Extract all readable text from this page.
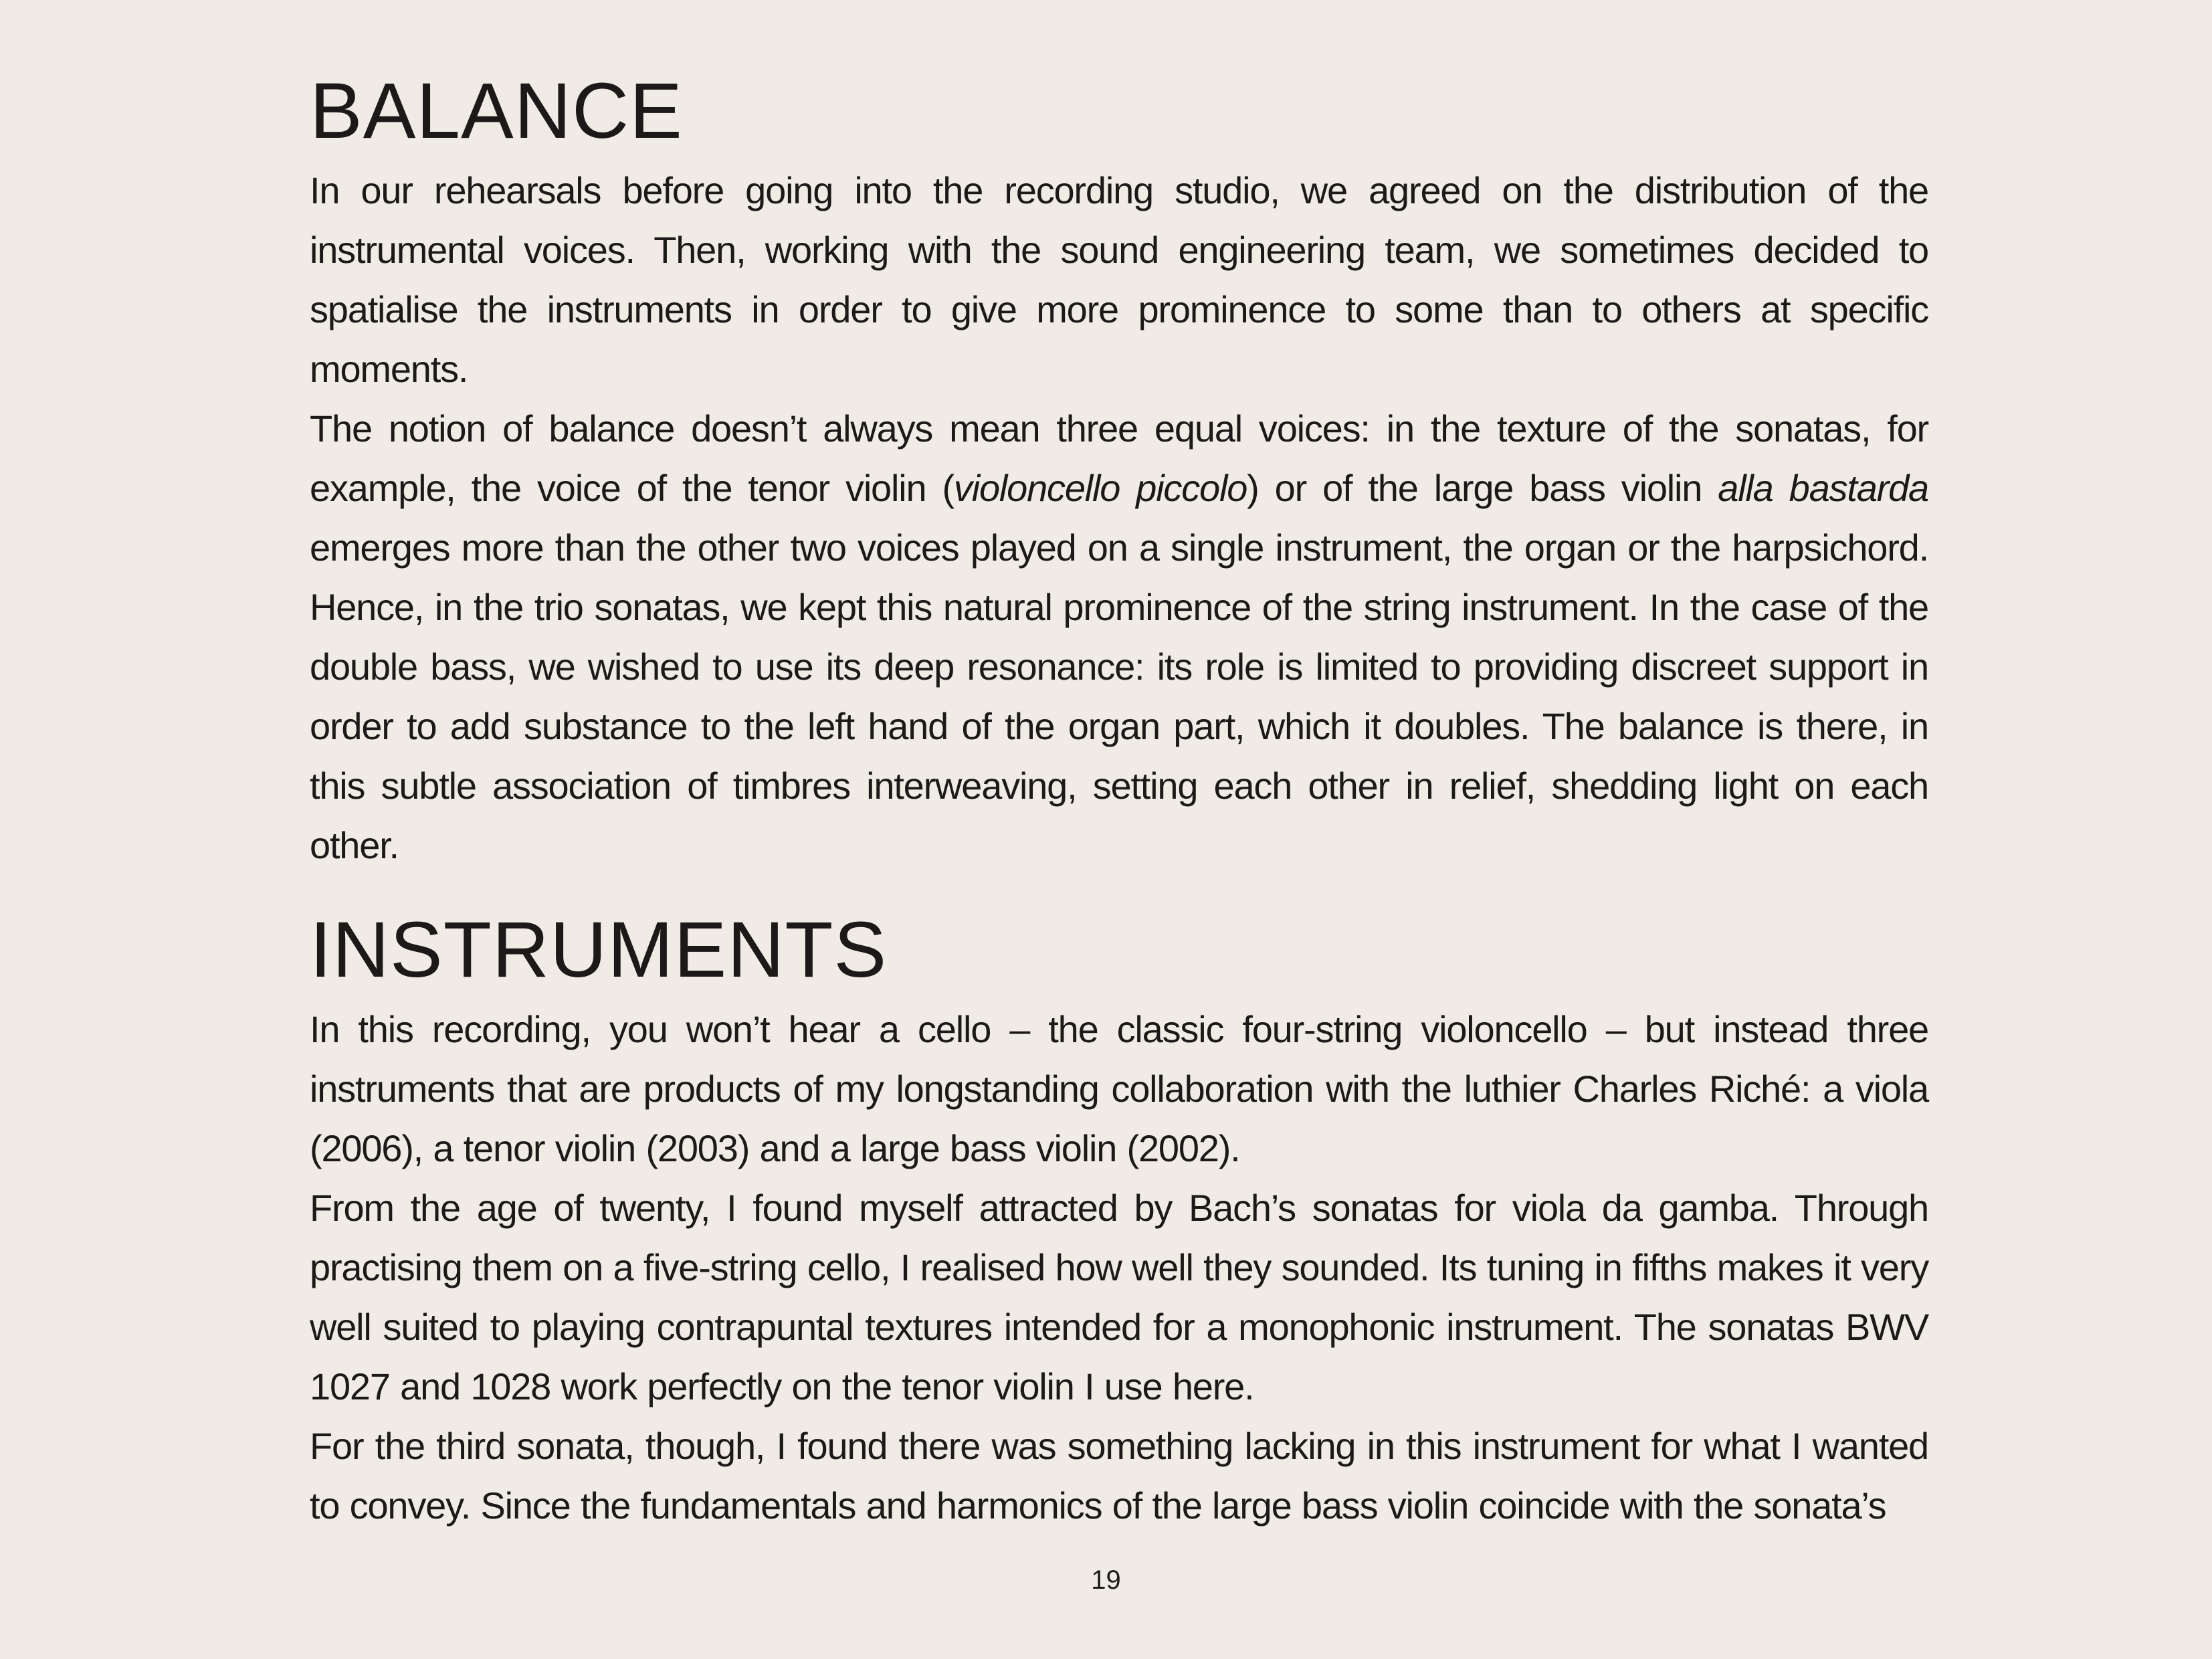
BALANCE

In our rehearsals before going into the recording studio, we agreed on the distribution of the instrumental voices. Then, working with the sound engineering team, we sometimes decided to spatialise the instruments in order to give more prominence to some than to others at specific moments.

The notion of balance doesn’t always mean three equal voices: in the texture of the sonatas, for example, the voice of the tenor violin (violoncello piccolo) or of the large bass violin alla bastarda emerges more than the other two voices played on a single instrument, the organ or the harpsichord. Hence, in the trio sonatas, we kept this natural prominence of the string instrument. In the case of the double bass, we wished to use its deep resonance: its role is limited to providing discreet support in order to add substance to the left hand of the organ part, which it doubles. The balance is there, in this subtle association of timbres interweaving, setting each other in relief, shedding light on each other.

INSTRUMENTS

In this recording, you won’t hear a cello – the classic four-string violoncello – but instead three instruments that are products of my longstanding collaboration with the luthier Charles Riché: a viola (2006), a tenor violin (2003) and a large bass violin (2002).

From the age of twenty, I found myself attracted by Bach’s sonatas for viola da gamba. Through practising them on a five-string cello, I realised how well they sounded. Its tuning in fifths makes it very well suited to playing contrapuntal textures intended for a monophonic instrument. The sonatas BWV 1027 and 1028 work perfectly on the tenor violin I use here.

For the third sonata, though, I found there was something lacking in this instrument for what I wanted to convey. Since the fundamentals and harmonics of the large bass violin coincide with the sonata’s

19
